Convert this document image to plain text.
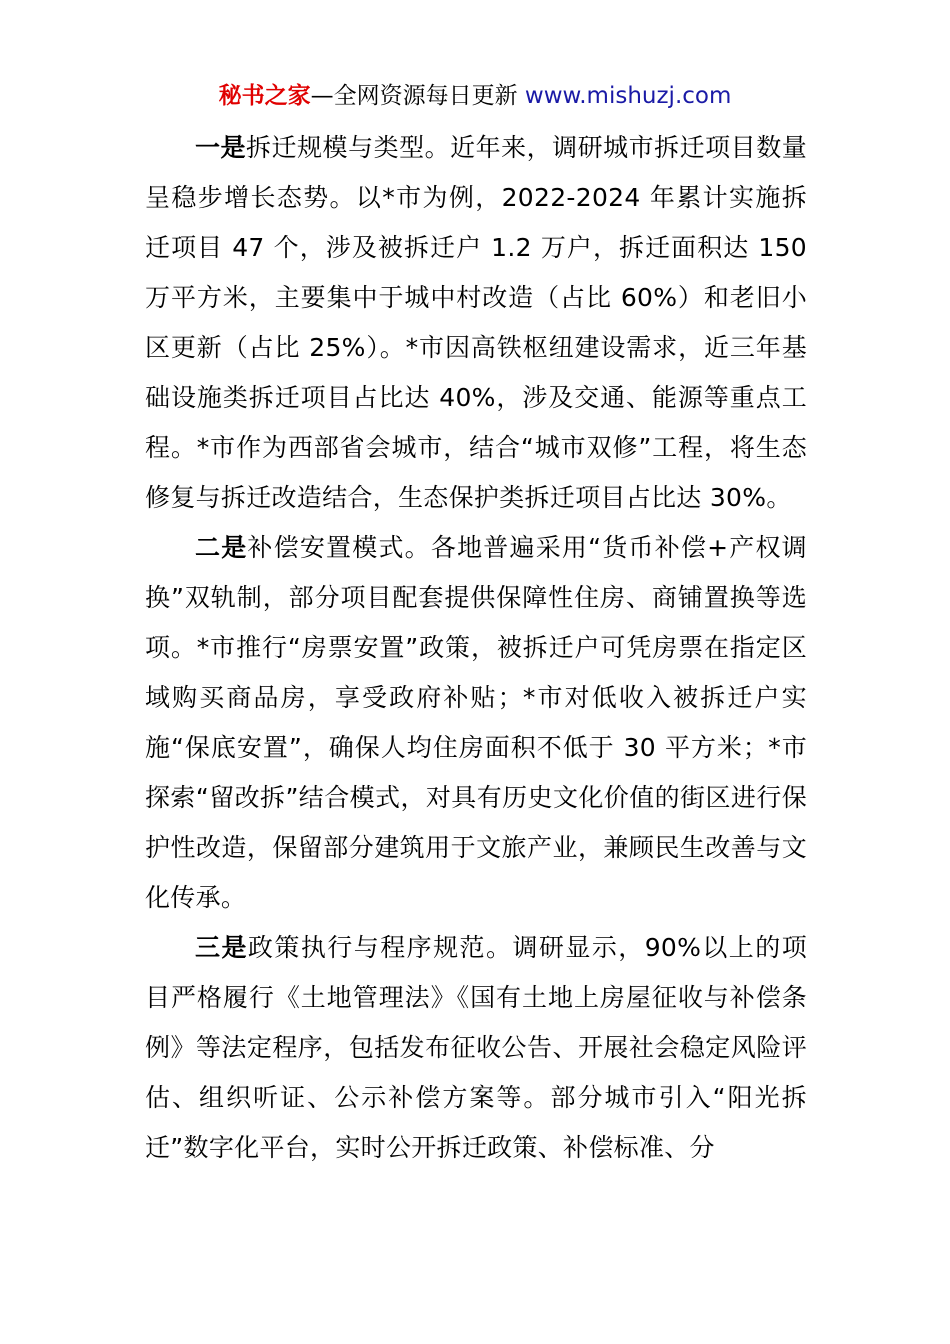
秘书之家—全网资源每日更新 www.mishuzj.com

一是拆迁规模与类型。近年来，调研城市拆迁项目数量呈稳步增长态势。以*市为例，2022-2024 年累计实施拆迁项目 47 个，涉及被拆迁户 1.2 万户，拆迁面积达 150 万平方米，主要集中于城中村改造（占比 60%）和老旧小区更新（占比 25%）。*市因高铁枢纽建设需求，近三年基础设施类拆迁项目占比达 40%，涉及交通、能源等重点工程。*市作为西部省会城市，结合“城市双修”工程，将生态修复与拆迁改造结合，生态保护类拆迁项目占比达 30%。

二是补偿安置模式。各地普遍采用“货币补偿+产权调换”双轨制，部分项目配套提供保障性住房、商铺置换等选项。*市推行“房票安置”政策，被拆迁户可凭房票在指定区域购买商品房，享受政府补贴；*市对低收入被拆迁户实施“保底安置”，确保人均住房面积不低于 30 平方米；*市探索“留改拆”结合模式，对具有历史文化价值的街区进行保护性改造，保留部分建筑用于文旅产业，兼顾民生改善与文化传承。

三是政策执行与程序规范。调研显示，90%以上的项目严格履行《土地管理法》《国有土地上房屋征收与补偿条例》等法定程序，包括发布征收公告、开展社会稳定风险评估、组织听证、公示补偿方案等。部分城市引入“阳光拆迁”数字化平台，实时公开拆迁政策、补偿标准、分
